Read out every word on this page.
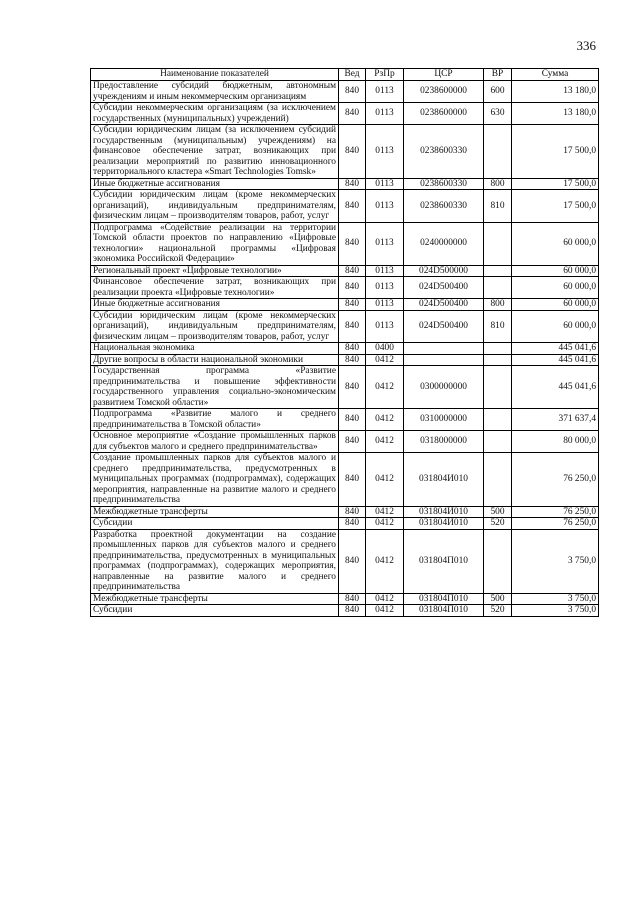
336
Наименование показателей	Вед	РзПр	ЦСР	ВР	Сумма
Предоставление субсидий бюджетным, автономным учреждениям и иным некоммерческим организациям	840	0113	0238600000	600	13 180,0
Субсидии некоммерческим организациям (за исключением государственных (муниципальных) учреждений)	840	0113	0238600000	630	13 180,0
Субсидии юридическим лицам (за исключением субсидий государственным (муниципальным) учреждениям) на финансовое обеспечение затрат, возникающих при реализации мероприятий по развитию инновационного территориального кластера «Smart Technologies Tomsk»	840	0113	0238600330		17 500,0
Иные бюджетные ассигнования	840	0113	0238600330	800	17 500,0
Субсидии юридическим лицам (кроме некоммерческих организаций), индивидуальным предпринимателям, физическим лицам – производителям товаров, работ, услуг	840	0113	0238600330	810	17 500,0
Подпрограмма «Содействие реализации на территории Томской области проектов по направлению «Цифровые технологии» национальной программы «Цифровая экономика Российской Федерации»	840	0113	0240000000		60 000,0
Региональный проект «Цифровые технологии»	840	0113	024D500000		60 000,0
Финансовое обеспечение затрат, возникающих при реализации проекта «Цифровые технологии»	840	0113	024D500400		60 000,0
Иные бюджетные ассигнования	840	0113	024D500400	800	60 000,0
Субсидии юридическим лицам (кроме некоммерческих организаций), индивидуальным предпринимателям, физическим лицам – производителям товаров, работ, услуг	840	0113	024D500400	810	60 000,0
Национальная экономика	840	0400			445 041,6
Другие вопросы в области национальной экономики	840	0412			445 041,6
Государственная программа «Развитие предпринимательства и повышение эффективности государственного управления социально-экономическим развитием Томской области»	840	0412	0300000000		445 041,6
Подпрограмма «Развитие малого и среднего предпринимательства в Томской области»	840	0412	0310000000		371 637,4
Основное мероприятие «Создание промышленных парков для субъектов малого и среднего предпринимательства»	840	0412	0318000000		80 000,0
Создание промышленных парков для субъектов малого и среднего предпринимательства, предусмотренных в муниципальных программах (подпрограммах), содержащих мероприятия, направленные на развитие малого и среднего предпринимательства	840	0412	031804И010		76 250,0
Межбюджетные трансферты	840	0412	031804И010	500	76 250,0
Субсидии	840	0412	031804И010	520	76 250,0
Разработка проектной документации на создание промышленных парков для субъектов малого и среднего предпринимательства, предусмотренных в муниципальных программах (подпрограммах), содержащих мероприятия, направленные на развитие малого и среднего предпринимательства	840	0412	031804П010		3 750,0
Межбюджетные трансферты	840	0412	031804П010	500	3 750,0
Субсидии	840	0412	031804П010	520	3 750,0
